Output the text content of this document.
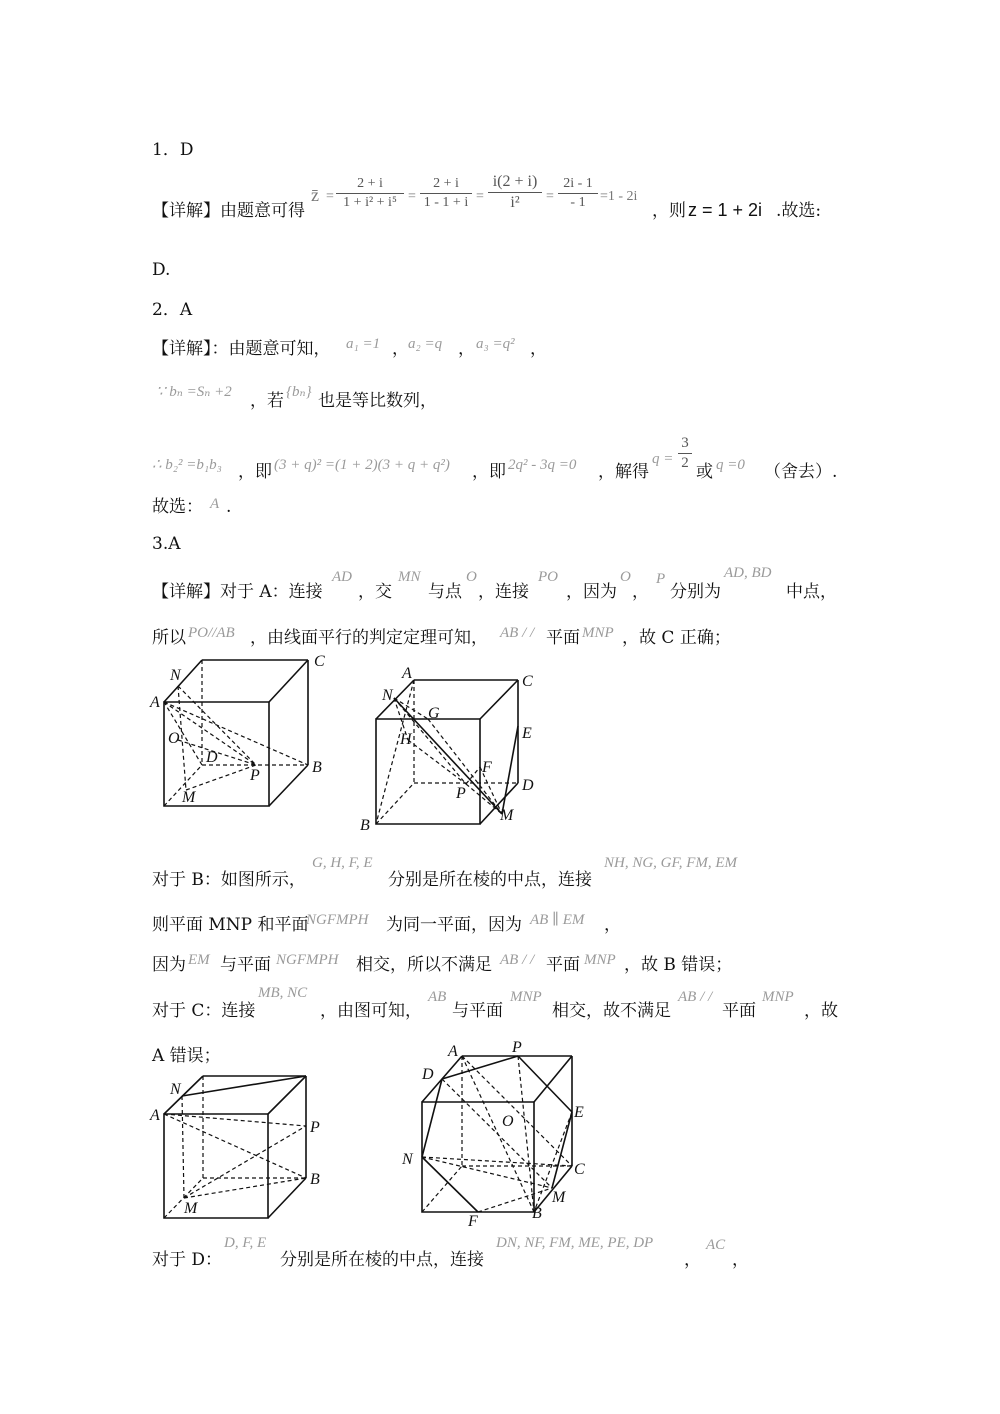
1．D
【详解】由题意可得
z̄ =
2 + i
1 + i² + i⁵ =
2 + i
1 - 1 + i =
i(2 + i)
i²	=
2i - 1
- 1	=1 - 2i
，则 z = 1 + 2i .故选:
D.
2．A
【详解】：由题意可知， a₁ =1 ， a₂ =q ， a₃ =q² ，
∵ bₙ =Sₙ +2 ，若 {bₙ} 也是等比数列，
∴ b₂² =b₁b₃ ，即 (3 + q)² =(1 + 2)(3 + q + q²) ，即 2q² - 3q =0 ，解得
q =
3
2 或 q =0 （舍去）.
故选： A .
3.A
【详解】对于 A：连接
AD
，交
MN
与点
O
，连接
PO
，因为
O
，
P
分别为
AD, BD
中点，
所以 PO//AB ，由线面平行的判定定理可知， AB / / 平面 MNP ，故 C 正确；
N
A
C
O
D
P	B
M
A	C
N
G
H	E
F
D
P
M
B
对于 B：如图所示，
G, H, F, E
分别是所在棱的中点，连接
NH, NG, GF, FM, EM
则平面 MNP 和平面
NGFMPH 为同一平面，因为 AB ∥ EM ，
因为 EM 与平面 NGFMPH 相交，所以不满足 AB / / 平面 MNP ，故 B 错误；
对于 C：连接
MB, NC
，由图可知，
AB
与平面
MNP
相交，故不满足
AB / /
平面
MNP
，故
A 错误；
N
A
P
B
M
A	P
D
E
O
N
C
M
B
F
对于 D：
D, F, E
分别是所在棱的中点，连接
DN, NF, FM, ME, PE, DP
，
AC
，
